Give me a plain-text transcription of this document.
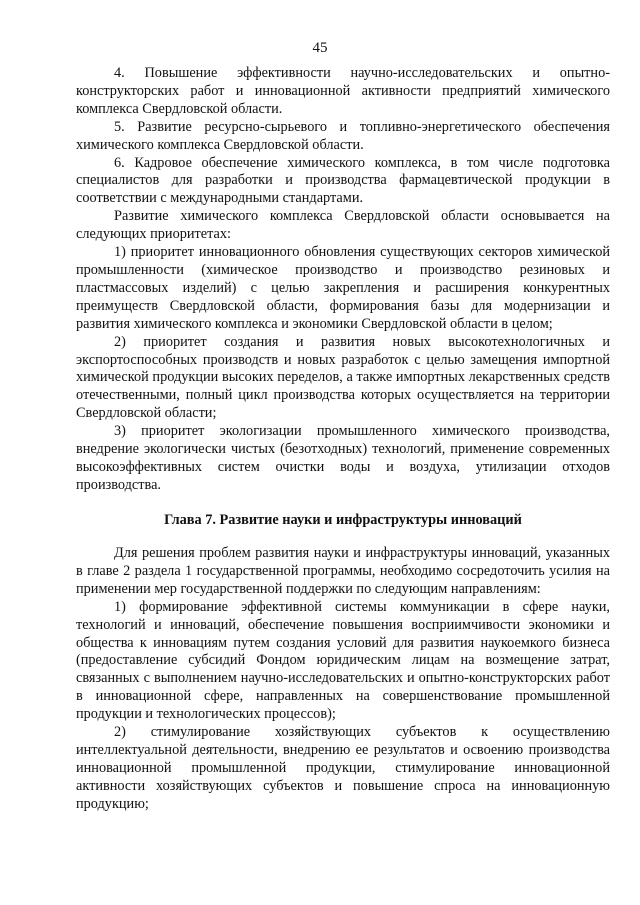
45

4. Повышение эффективности научно-исследовательских и опытно-конструкторских работ и инновационной активности предприятий химического комплекса Свердловской области.

5. Развитие ресурсно-сырьевого и топливно-энергетического обеспечения химического комплекса Свердловской области.

6. Кадровое обеспечение химического комплекса, в том числе подготовка специалистов для разработки и производства фармацевтической продукции в соответствии с международными стандартами.

Развитие химического комплекса Свердловской области основывается на следующих приоритетах:

1) приоритет инновационного обновления существующих секторов химической промышленности (химическое производство и производство резиновых и пластмассовых изделий) с целью закрепления и расширения конкурентных преимуществ Свердловской области, формирования базы для модернизации и развития химического комплекса и экономики Свердловской области в целом;

2) приоритет создания и развития новых высокотехнологичных и экспортоспособных производств и новых разработок с целью замещения импортной химической продукции высоких переделов, а также импортных лекарственных средств отечественными, полный цикл производства которых осуществляется на территории Свердловской области;

3) приоритет экологизации промышленного химического производства, внедрение экологически чистых (безотходных) технологий, применение современных высокоэффективных систем очистки воды и воздуха, утилизации отходов производства.

Глава 7. Развитие науки и инфраструктуры инноваций

Для решения проблем развития науки и инфраструктуры инноваций, указанных в главе 2 раздела 1 государственной программы, необходимо сосредоточить усилия на применении мер государственной поддержки по следующим направлениям:

1) формирование эффективной системы коммуникации в сфере науки, технологий и инноваций, обеспечение повышения восприимчивости экономики и общества к инновациям путем создания условий для развития наукоемкого бизнеса (предоставление субсидий Фондом юридическим лицам на возмещение затрат, связанных с выполнением научно-исследовательских и опытно-конструкторских работ в инновационной сфере, направленных на совершенствование промышленной продукции и технологических процессов);

2) стимулирование хозяйствующих субъектов к осуществлению интеллектуальной деятельности, внедрению ее результатов и освоению производства инновационной промышленной продукции, стимулирование инновационной активности хозяйствующих субъектов и повышение спроса на инновационную продукцию;
